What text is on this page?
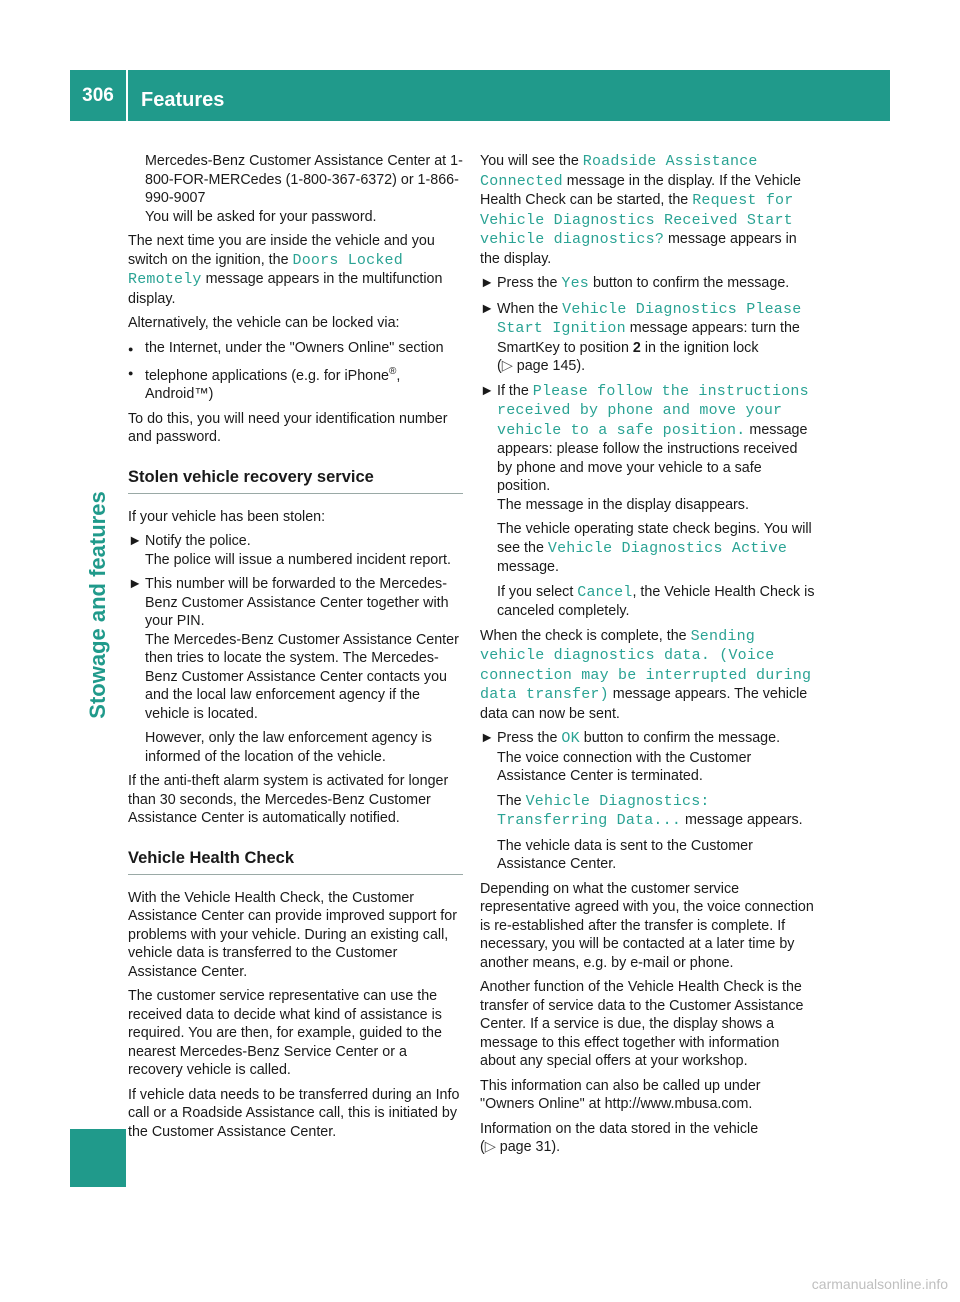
306	Features
Stowage and features

Mercedes-Benz Customer Assistance Center at 1-800-FOR-MERCedes (1-800-367-6372) or 1-866-990-9007

You will be asked for your password.

The next time you are inside the vehicle and you switch on the ignition, the Doors Locked Remotely message appears in the multifunction display.

Alternatively, the vehicle can be locked via:

● the Internet, under the "Owners Online" section
● telephone applications (e.g. for iPhone®, Android™)

To do this, you will need your identification number and password.

Stolen vehicle recovery service

If your vehicle has been stolen:

► Notify the police.
The police will issue a numbered incident report.
► This number will be forwarded to the Mercedes-Benz Customer Assistance Center together with your PIN.
The Mercedes-Benz Customer Assistance Center then tries to locate the system. The Mercedes-Benz Customer Assistance Center contacts you and the local law enforcement agency if the vehicle is located.

However, only the law enforcement agency is informed of the location of the vehicle.

If the anti-theft alarm system is activated for longer than 30 seconds, the Mercedes-Benz Customer Assistance Center is automatically notified.

Vehicle Health Check

With the Vehicle Health Check, the Customer Assistance Center can provide improved support for problems with your vehicle. During an existing call, vehicle data is transferred to the Customer Assistance Center.

The customer service representative can use the received data to decide what kind of assistance is required. You are then, for example, guided to the nearest Mercedes-Benz Service Center or a recovery vehicle is called.

If vehicle data needs to be transferred during an Info call or a Roadside Assistance call, this is initiated by the Customer Assistance Center.

You will see the Roadside Assistance Connected message in the display. If the Vehicle Health Check can be started, the Request for Vehicle Diagnostics Received Start vehicle diagnostics? message appears in the display.

► Press the Yes button to confirm the message.
► When the Vehicle Diagnostics Please Start Ignition message appears: turn the SmartKey to position 2 in the ignition lock
(▷ page 145).
► If the Please follow the instructions received by phone and move your vehicle to a safe position. message appears: please follow the instructions received by phone and move your vehicle to a safe position.
The message in the display disappears.

The vehicle operating state check begins. You will see the Vehicle Diagnostics Active message.

If you select Cancel, the Vehicle Health Check is canceled completely.

When the check is complete, the Sending vehicle diagnostics data. (Voice connection may be interrupted during data transfer) message appears. The vehicle data can now be sent.

► Press the OK button to confirm the message.
The voice connection with the Customer Assistance Center is terminated.

The Vehicle Diagnostics: Transferring Data... message appears.

The vehicle data is sent to the Customer Assistance Center.

Depending on what the customer service representative agreed with you, the voice connection is re-established after the transfer is complete. If necessary, you will be contacted at a later time by another means, e.g. by e-mail or phone.

Another function of the Vehicle Health Check is the transfer of service data to the Customer Assistance Center. If a service is due, the display shows a message to this effect together with information about any special offers at your workshop.

This information can also be called up under "Owners Online" at http://www.mbusa.com.

Information on the data stored in the vehicle
(▷ page 31).

carmanualsonline.info
